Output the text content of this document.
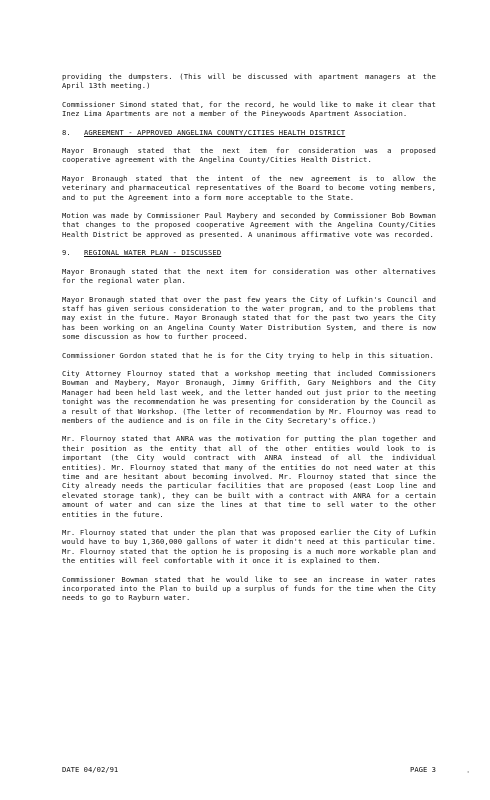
providing the dumpsters. (This will be discussed with apartment managers at the April 13th meeting.)

Commissioner Simond stated that, for the record, he would like to make it clear that Inez Lima Apartments are not a member of the Pineywoods Apartment Association.

8. AGREEMENT - APPROVED ANGELINA COUNTY/CITIES HEALTH DISTRICT

Mayor Bronaugh stated that the next item for consideration was a proposed cooperative agreement with the Angelina County/Cities Health District.

Mayor Bronaugh stated that the intent of the new agreement is to allow the veterinary and pharmaceutical representatives of the Board to become voting members, and to put the Agreement into a form more acceptable to the State.

Motion was made by Commissioner Paul Maybery and seconded by Commissioner Bob Bowman that changes to the proposed cooperative Agreement with the Angelina County/Cities Health District be approved as presented. A unanimous affirmative vote was recorded.

9. REGIONAL WATER PLAN - DISCUSSED

Mayor Bronaugh stated that the next item for consideration was other alternatives for the regional water plan.

Mayor Bronaugh stated that over the past few years the City of Lufkin's Council and staff has given serious consideration to the water program, and to the problems that may exist in the future. Mayor Bronaugh stated that for the past two years the City has been working on an Angelina County Water Distribution System, and there is now some discussion as how to further proceed.

Commissioner Gordon stated that he is for the City trying to help in this situation.

City Attorney Flournoy stated that a workshop meeting that included Commissioners Bowman and Maybery, Mayor Bronaugh, Jimmy Griffith, Gary Neighbors and the City Manager had been held last week, and the letter handed out just prior to the meeting tonight was the recommendation he was presenting for consideration by the Council as a result of that Workshop. (The letter of recommendation by Mr. Flournoy was read to members of the audience and is on file in the City Secretary's office.)

Mr. Flournoy stated that ANRA was the motivation for putting the plan together and their position as the entity that all of the other entities would look to is important (the City would contract with ANRA instead of all the individual entities). Mr. Flournoy stated that many of the entities do not need water at this time and are hesitant about becoming involved. Mr. Flournoy stated that since the City already needs the particular facilities that are proposed (east Loop line and elevated storage tank), they can be built with a contract with ANRA for a certain amount of water and can size the lines at that time to sell water to the other entities in the future.

Mr. Flournoy stated that under the plan that was proposed earlier the City of Lufkin would have to buy 1,360,000 gallons of water it didn't need at this particular time. Mr. Flournoy stated that the option he is proposing is a much more workable plan and the entities will feel comfortable with it once it is explained to them.

Commissioner Bowman stated that he would like to see an increase in water rates incorporated into the Plan to build up a surplus of funds for the time when the City needs to go to Rayburn water.

DATE 04/02/91	PAGE 3	'
